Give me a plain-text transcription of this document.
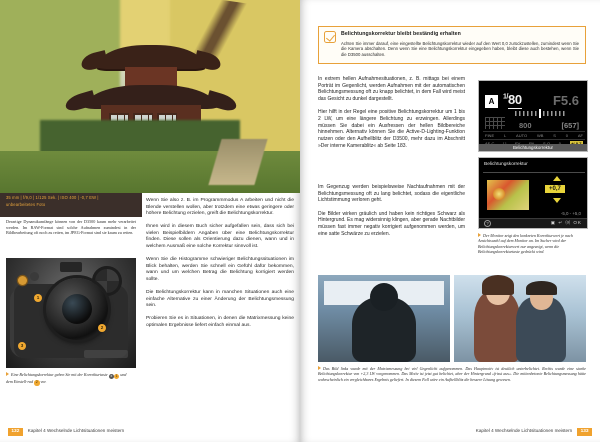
35 mm | f/9,0 | 1/125 Sek. | ISO 400 | -0,7 EW |
unbearbeitetes Foto

Derartige Dynamikumfänge können von der D3500 kaum mehr verarbeitet werden. Im RAW-Format sind solche Aufnahmen zumindest in der Bildbearbeitung oft noch zu retten, im JPEG-Format sind sie kaum zu retten.

1
2
3

Eine Belichtungskorrektur geben Sie mit der Korrekturtaste ± 1 und dem Einstell-rad 2 vor.

Wenn Sie also z. B. im Programmmodus A arbeiten und nicht die Blende verstellen wollen, aber trotzdem eine etwas geringere oder höhere Belichtung erzielen, greift die Belichtungskorrektur.

Ihnen wird in diesem Buch sicher aufgefallen sein, dass sich bei vielen Beispielbildern Angaben über eine Belichtungskorrektur finden. Diese sollen als Orientierung dazu dienen, wann und in welchem Ausmaß eine solche Korrektur sinnvoll ist.

Wenn Sie die Histogramme schwieriger Belichtungssituationen im Blick behalten, werden Sie schnell ein Gefühl dafür bekommen, wann und um welchen Betrag die Belichtung korrigiert werden sollte.

Die Belichtungskorrektur kann in manchen Situationen auch eine einfache Alternative zu einer Änderung der Belichtungsmessung sein.

Probieren Sie es in Situationen, in denen die Matrixmessung keine optimalen Ergebnisse liefert einfach einmal aus.

132 Kapitel 4 Wechselnde Lichtsituationen meistern
Belichtungskorrektur bleibt beständig erhalten

Achten Sie immer darauf, eine eingestellte Belichtungskorrektur wieder auf den Wert 0,0 zurückzustellen, zumindest wenn Sie die Kamera abschalten. Denn wenn Sie eine Belichtungskorrektur eingegeben haben, bleibt diese auch bestehen, wenn Sie die D3500 ausschalten.

In extrem hellen Aufnahmesituationen, z. B. mittags bei einem Porträt im Gegenlicht, werden Aufnahmen mit der automatischen Belichtungsmessung oft zu knapp belichtet, in dem Fall wird meist das Gesicht zu dunkel dargestellt.

Hier hilft in der Regel eine positive Belichtungskorrektur um 1 bis 2 LW, um eine längere Belichtung zu erzwingen. Allerdings müssen Sie dabei ein Ausfressen der hellen Bildbereiche hinnehmen. Alternativ können Sie die Active-D-Lighting-Funktion nutzen oder den Aufhellblitz der D3500, mehr dazu im Abschnitt »Der interne Kamerablitz« ab Seite 183.

Im Gegenzug werden beispielsweise Nachtaufnahmen mit der Belichtungsmessung oft zu lang belichtet, sodass die eigentliche Lichtstimmung verloren geht.

Die Bilder wirken gräulich und haben kein richtiges Schwarz als Hintergrund. Es mag widersinnig klingen, aber gerade Nachtbilder müssen fast immer negativ korrigiert aufgenommen werden, um eine satte Schwärze zu erzielen.

A	$^{1/}$80 F5.6
800	[657]
FINE L AUTO WB S 0 AF
Belichtungskorrektur
Belichtungskorrektur
+0,7
-5,0 - +5,0
?	▣ ↵ ⒪ OK

Der Monitor zeigt den konkreten Korrekturwert je nach Ansichtswahl auf dem Monitor an. Im Sucher wird der Belichtungskorrekturwert nur angezeigt, wenn die Belichtungskorrekturtaste gedrückt wird.

Das Bild links wurde mit der Matrixmessung bei viel Gegenlicht aufgenommen. Das Hauptmotiv ist deutlich unterbelichtet. Rechts wurde eine starke Belichtungskorrektur von +2,3 LW vorgenommen. Das Motiv ist jetzt gut belichtet, aber der Hintergrund »frisst aus«. Die mittenbetonte Belichtungsmessung hätte wahrscheinlich ein vergleichbares Ergebnis geliefert. In diesem Fall wäre ein Aufhellblitz die bessere Lösung gewesen.

Kapitel 4 Wechselnde Lichtsituationen meistern 133
